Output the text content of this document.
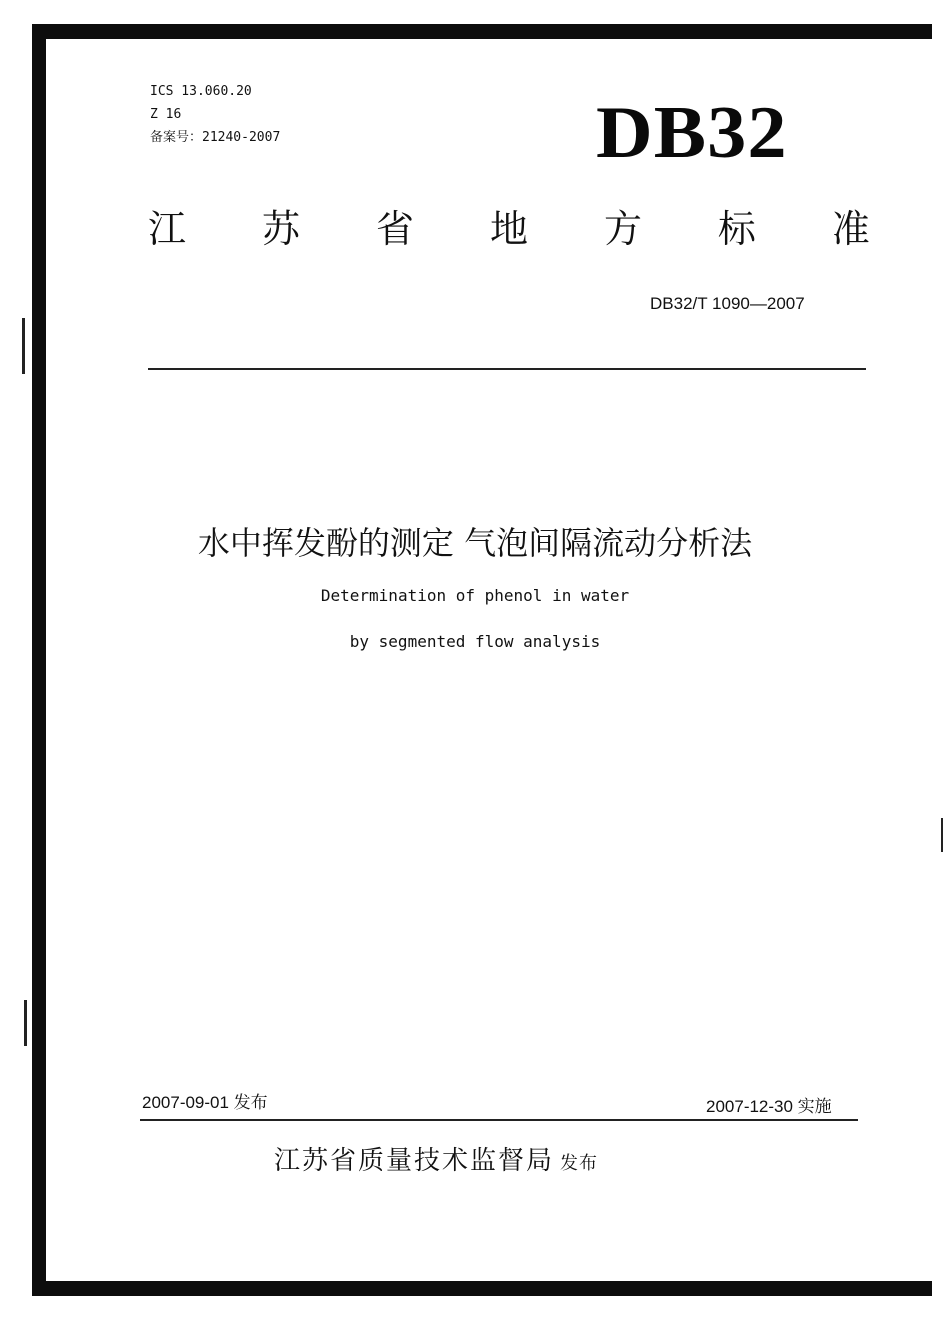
ICS 13.060.20
Z 16
备案号：21240-2007	DB32
江 苏 省 地 方 标 准
DB32/T 1090—2007
水中挥发酚的测定 气泡间隔流动分析法
Determination of phenol in water
by segmented flow analysis
2007-09-01 发布	2007-12-30 实施
江苏省质量技术监督局 发布
